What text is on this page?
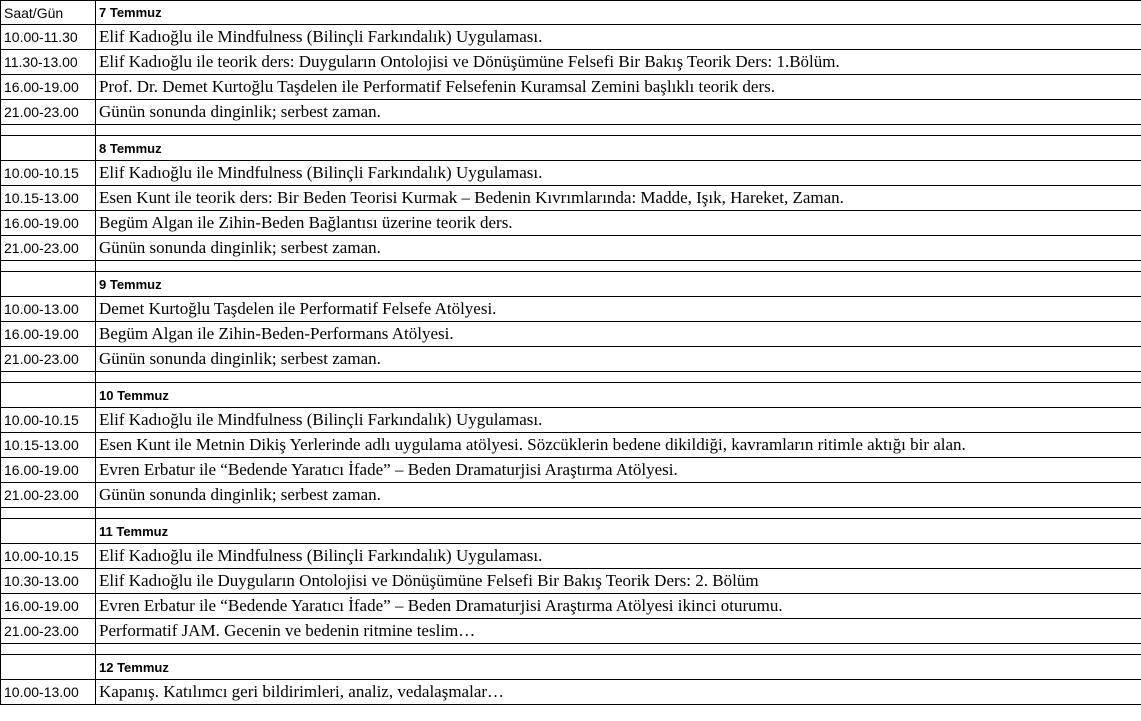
Saat/Gün	7 Temmuz
10.00-11.30	Elif Kadıoğlu ile Mindfulness (Bilinçli Farkındalık) Uygulaması.
11.30-13.00	Elif Kadıoğlu ile teorik ders: Duyguların Ontolojisi ve Dönüşümüne Felsefi Bir Bakış Teorik Ders: 1.Bölüm.
16.00-19.00	Prof. Dr. Demet Kurtoğlu Taşdelen ile Performatif Felsefenin Kuramsal Zemini başlıklı teorik ders.
21.00-23.00	Günün sonunda dinginlik; serbest zaman.

	8 Temmuz
10.00-10.15	Elif Kadıoğlu ile Mindfulness (Bilinçli Farkındalık) Uygulaması.
10.15-13.00	Esen Kunt ile teorik ders: Bir Beden Teorisi Kurmak – Bedenin Kıvrımlarında: Madde, Işık, Hareket, Zaman.
16.00-19.00	Begüm Algan ile Zihin-Beden Bağlantısı üzerine teorik ders.
21.00-23.00	Günün sonunda dinginlik; serbest zaman.

	9 Temmuz
10.00-13.00	Demet Kurtoğlu Taşdelen ile Performatif Felsefe Atölyesi.
16.00-19.00	Begüm Algan ile Zihin-Beden-Performans Atölyesi.
21.00-23.00	Günün sonunda dinginlik; serbest zaman.

	10 Temmuz
10.00-10.15	Elif Kadıoğlu ile Mindfulness (Bilinçli Farkındalık) Uygulaması.
10.15-13.00	Esen Kunt ile Metnin Dikiş Yerlerinde adlı uygulama atölyesi. Sözcüklerin bedene dikildiği, kavramların ritimle aktığı bir alan.
16.00-19.00	Evren Erbatur ile “Bedende Yaratıcı İfade” – Beden Dramaturjisi Araştırma Atölyesi.
21.00-23.00	Günün sonunda dinginlik; serbest zaman.

	11 Temmuz
10.00-10.15	Elif Kadıoğlu ile Mindfulness (Bilinçli Farkındalık) Uygulaması.
10.30-13.00	Elif Kadıoğlu ile Duyguların Ontolojisi ve Dönüşümüne Felsefi Bir Bakış Teorik Ders: 2. Bölüm
16.00-19.00	Evren Erbatur ile “Bedende Yaratıcı İfade” – Beden Dramaturjisi Araştırma Atölyesi ikinci oturumu.
21.00-23.00	Performatif JAM. Gecenin ve bedenin ritmine teslim…

	12 Temmuz
10.00-13.00	Kapanış. Katılımcı geri bildirimleri, analiz, vedalaşmalar…
